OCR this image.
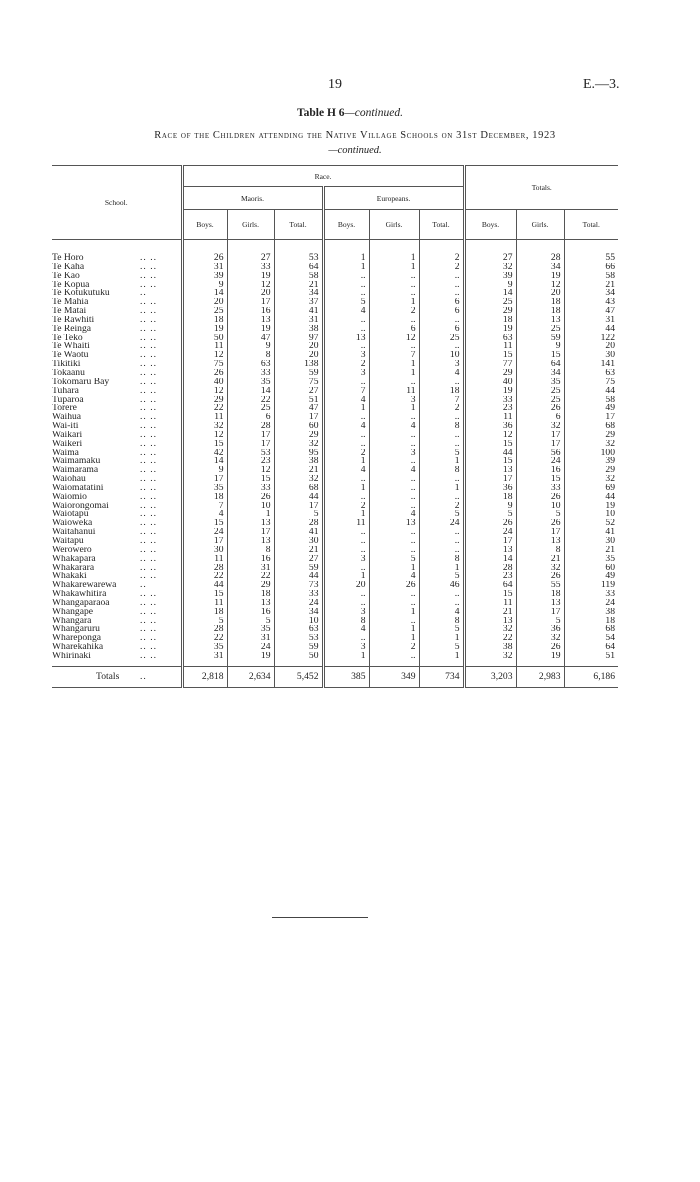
19	E.—3.
Table H 6—continued.
Race of the Children attending the Native Village Schools on 31st December, 1923
—continued.
School.		Race.						Totals.		
		Maoris.			Europeans.					
		Boys.	Girls.	Total.	Boys.	Girls.	Total.	Boys.	Girls.	Total.
Te Horo	.. ..	26	27	53	1	1	2	27	28	55
Te Kaha	.. ..	31	33	64	1	1	2	32	34	66
Te Kao	.. ..	39	19	58	..	..	..	39	19	58
Te Kopua	.. ..	9	12	21	..	..	..	9	12	21
Te Kotukutuku	..	14	20	34	..	..	..	14	20	34
Te Mahia	.. ..	20	17	37	5	1	6	25	18	43
Te Matai	.. ..	25	16	41	4	2	6	29	18	47
Te Rawhiti	.. ..	18	13	31	..	..	..	18	13	31
Te Reinga	.. ..	19	19	38	..	6	6	19	25	44
Te Teko	.. ..	50	47	97	13	12	25	63	59	122
Te Whaiti	.. ..	11	9	20	..	..	..	11	9	20
Te Waotu	.. ..	12	8	20	3	7	10	15	15	30
Tikitiki	.. ..	75	63	138	2	1	3	77	64	141
Tokaanu	.. ..	26	33	59	3	1	4	29	34	63
Tokomaru Bay	.. ..	40	35	75	..	..	..	40	35	75
Tuhara	.. ..	12	14	27	7	11	18	19	25	44
Tuparoa	.. ..	29	22	51	4	3	7	33	25	58
Torere	.. ..	22	25	47	1	1	2	23	26	49
Waihua	.. ..	11	6	17	..	..	..	11	6	17
Wai-iti	.. ..	32	28	60	4	4	8	36	32	68
Waikari	.. ..	12	17	29	..	..	..	12	17	29
Waikeri	.. ..	15	17	32	..	..	..	15	17	32
Waima	.. ..	42	53	95	2	3	5	44	56	100
Waimamaku	.. ..	14	23	38	1	..	1	15	24	39
Waimarama	.. ..	9	12	21	4	4	8	13	16	29
Waiohau	.. ..	17	15	32	..	..	..	17	15	32
Waiomatatini	.. ..	35	33	68	1	..	1	36	33	69
Waiomio	.. ..	18	26	44	..	..	..	18	26	44
Waiorongomai	.. ..	7	10	17	2	..	2	9	10	19
Waiotapu	.. ..	4	1	5	1	4	5	5	5	10
Waioweka	.. ..	15	13	28	11	13	24	26	26	52
Waitahanui	.. ..	24	17	41	..	..	..	24	17	41
Waitapu	.. ..	17	13	30	..	..	..	17	13	30
Werowero	.. ..	30	8	21	..	..	..	13	8	21
Whakapara	.. ..	11	16	27	3	5	8	14	21	35
Whakarara	.. ..	28	31	59	..	1	1	28	32	60
Whakaki	.. ..	22	22	44	1	4	5	23	26	49
Whakarewarewa	..	44	29	73	20	26	46	64	55	119
Whakawhitira	.. ..	15	18	33	..	..	..	15	18	33
Whangaparaoa	.. ..	11	13	24	..	..	..	11	13	24
Whangape	.. ..	18	16	34	3	1	4	21	17	38
Whangara	.. ..	5	5	10	8	..	8	13	5	18
Whangaruru	.. ..	28	35	63	4	1	5	32	36	68
Whareponga	.. ..	22	31	53	..	1	1	22	32	54
Wharekahika	.. ..	35	24	59	3	2	5	38	26	64
Whirinaki	.. ..	31	19	50	1	..	1	32	19	51
Totals	..	2,818	2,634	5,452	385	349	734	3,203	2,983	6,186
